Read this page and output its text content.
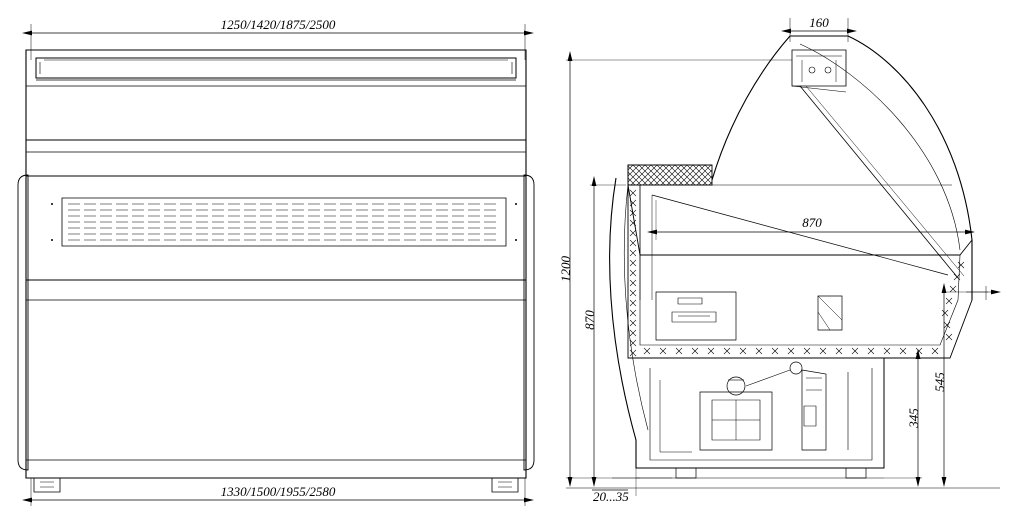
1250/1420/1875/2500
1330/1500/1955/2580
160
1200
870
870
545
345
20...35
